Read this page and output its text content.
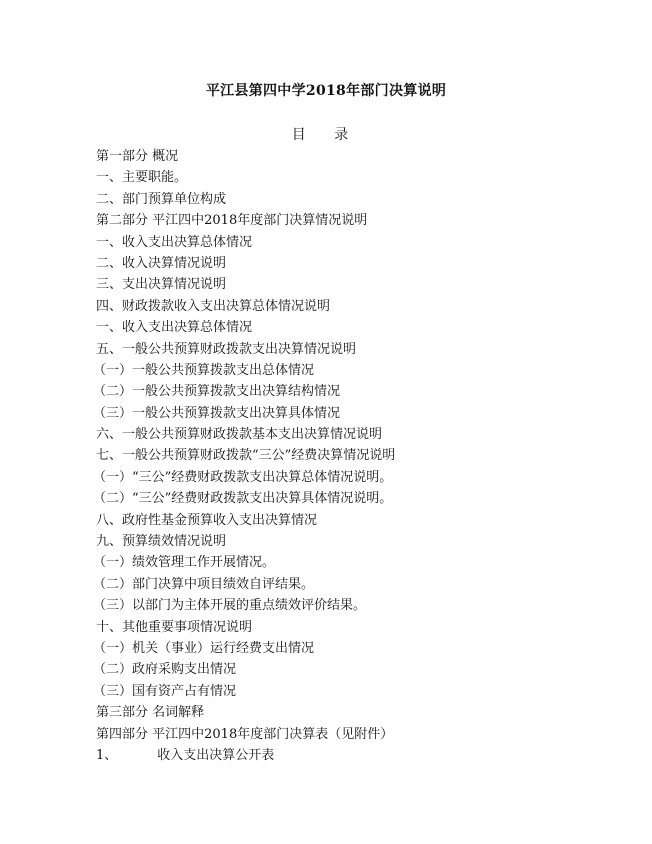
平江县第四中学2018年部门决算说明
目 录
第一部分 概况
一、主要职能。
二、部门预算单位构成
第二部分 平江四中2018年度部门决算情况说明
一、收入支出决算总体情况
二、收入决算情况说明
三、支出决算情况说明
四、财政拨款收入支出决算总体情况说明
一、收入支出决算总体情况
五、一般公共预算财政拨款支出决算情况说明
（一）一般公共预算拨款支出总体情况
（二）一般公共预算拨款支出决算结构情况
（三）一般公共预算拨款支出决算具体情况
六、一般公共预算财政拨款基本支出决算情况说明
七、一般公共预算财政拨款“三公”经费决算情况说明
（一）“三公”经费财政拨款支出决算总体情况说明。
（二）“三公”经费财政拨款支出决算具体情况说明。
八、政府性基金预算收入支出决算情况
九、预算绩效情况说明
（一）绩效管理工作开展情况。
（二）部门决算中项目绩效自评结果。
（三）以部门为主体开展的重点绩效评价结果。
十、其他重要事项情况说明
（一）机关（事业）运行经费支出情况
（二）政府采购支出情况
（三）国有资产占有情况
第三部分 名词解释
第四部分 平江四中2018年度部门决算表（见附件）
1、	收入支出决算公开表
